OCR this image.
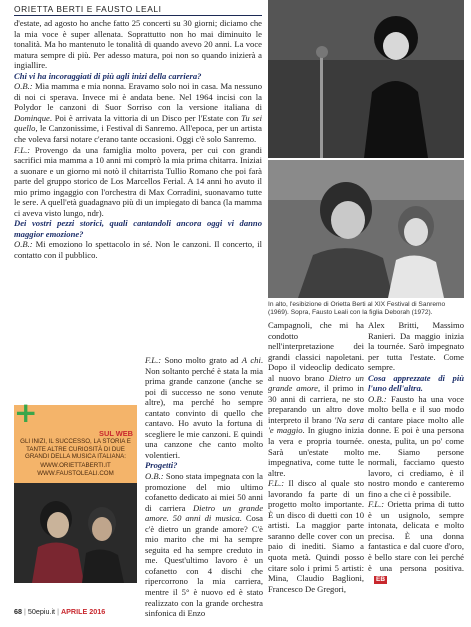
ORIETTA BERTI E FAUSTO LEALI

d'estate, ad agosto ho anche fatto 25 concerti su 30 giorni; diciamo che la mia voce è super allenata. Soprattutto non ho mai diminuito le tonalità. Ma ho mantenuto le tonalità di quando avevo 20 anni. La voce matura sempre di più. Per adesso matura, poi non so quando inizierà a ingiallire.

Chi vi ha incoraggiati di più agli inizi della carriera?

O.B.: Mia mamma e mia nonna. Eravamo solo noi in casa. Ma nessuno di noi ci sperava. Invece mi è andata bene. Nel 1964 incisi con la Polydor le canzoni di Suor Sorriso con la versione italiana di Dominque. Poi è arrivata la vittoria di un Disco per l'Estate con Tu sei quello, le Canzonissime, i Festival di Sanremo. All'epoca, per un artista che voleva farsi notare c'erano tante occasioni. Oggi c'è solo Sanremo.

F.L.: Provengo da una famiglia molto povera, per cui con grandi sacrifici mia mamma a 10 anni mi comprò la mia prima chitarra. Iniziai a suonare e un giorno mi notò il chitarrista Tullio Romano che poi farà parte del gruppo storico de Los Marcellos Ferial. A 14 anni ho avuto il mio primo ingaggio con l'orchestra di Max Corradini, suonavamo tutte le sere. A quell'età guadagnavo più di un impiegato di banca (la mamma ci aveva visto lungo, ndr).

Dei vostri pezzi storici, quali cantandoli ancora oggi vi danno maggior emozione?

O.B.: Mi emoziono lo spettacolo in sé. Non le canzoni. Il concerto, il contatto con il pubblico.

F.L.: Sono molto grato ad A chi. Non soltanto perché è stata la mia prima grande canzone (anche se poi di successo ne sono venute altre), ma perché ho sempre cantato convinto di quello che cantavo. Ho avuto la fortuna di scegliere le mie canzoni. E quindi una canzone che canto molto volentieri.

Progetti?

O.B.: Sono stata impegnata con la promozione del mio ultimo cofanetto dedicato ai miei 50 anni di carriera Dietro un grande amore. 50 anni di musica. Cosa c'è dietro un grande amore? C'è mio marito che mi ha sempre seguita ed ha sempre creduto in me. Quest'ultimo lavoro è un cofanetto con 4 dischi che ripercorrono la mia carriera, mentre il 5° è nuovo ed è stato realizzato con la grande orchestra sinfonica di Enzo

In alto, l'esibizione di Orietta Berti al XIX Festival di Sanremo (1969). Sopra, Fausto Leali con la figlia Deborah (1972).
+
SUL WEB
GLI INIZI, IL SUCCESSO, LA STORIA E TANTE ALTRE CURIOSITÀ DI DUE GRANDI DELLA MUSICA ITALIANA:
WWW.ORIETTABERTI.IT
WWW.FAUSTOLEALI.COM

Campagnoli, che mi ha condotto nell'interpretazione dei grandi classici napoletani. Dopo il videoclip dedicato al nuovo brano Dietro un grande amore, il primo in 30 anni di carriera, ne sto preparando un altro dove interpreto il brano 'Na sera 'e maggio. In giugno inizia la vera e propria tournée. Sarà un'estate molto impegnativa, come tutte le altre.

F.L.: Il disco al quale sto lavorando fa parte di un progetto molto importante. È un disco di duetti con 10 artisti. La maggior parte saranno delle cover con un paio di inediti. Siamo a quota metà. Quindi posso citare solo i primi 5 artisti: Mina, Claudio Baglioni, Francesco De Gregori,

Alex Britti, Massimo Ranieri. Da maggio inizia la tournée. Sarò impegnato per tutta l'estate. Come sempre.

Cosa apprezzate di più l'uno dell'altra.

O.B.: Fausto ha una voce molto bella e il suo modo di cantare piace molto alle donne. E poi è una persona onesta, pulita, un po' come me. Siamo persone normali, facciamo questo lavoro, ci crediamo, è il nostro mondo e canteremo fino a che ci è possibile.

F.L.: Orietta prima di tutto è un usignolo, sempre intonata, delicata e molto precisa. È una donna fantastica e dal cuore d'oro, è bello stare con lei perché è una persona positiva.EB

68 | 50epiu.it | APRILE 2016
